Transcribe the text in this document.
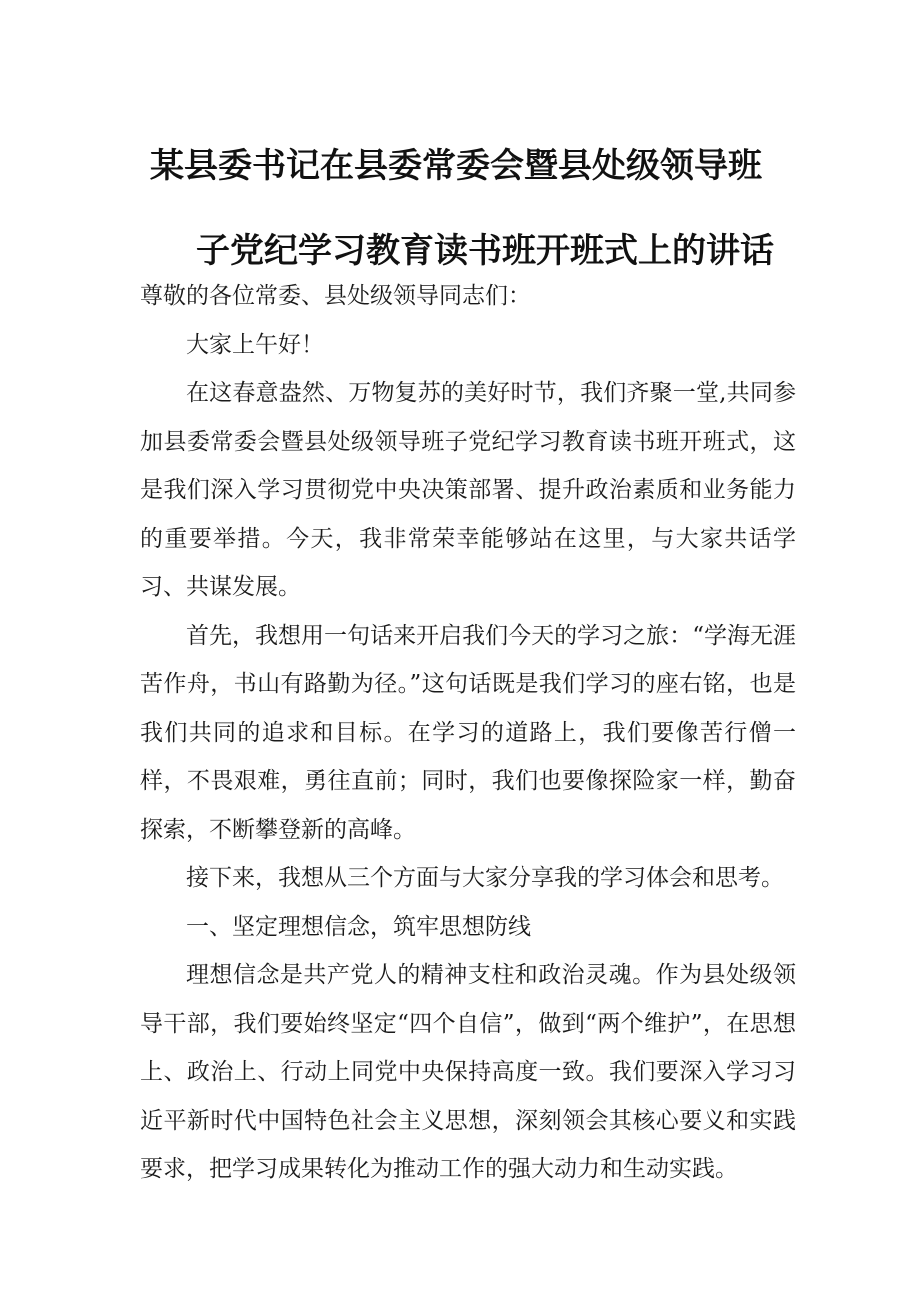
某县委书记在县委常委会暨县处级领导班
子党纪学习教育读书班开班式上的讲话

尊敬的各位常委、县处级领导同志们：

大家上午好！

在这春意盎然、万物复苏的美好时节，我们齐聚一堂,共同参加县委常委会暨县处级领导班子党纪学习教育读书班开班式，这是我们深入学习贯彻党中央决策部署、提升政治素质和业务能力的重要举措。今天，我非常荣幸能够站在这里，与大家共话学习、共谋发展。

首先，我想用一句话来开启我们今天的学习之旅：“学海无涯苦作舟，书山有路勤为径。”这句话既是我们学习的座右铭，也是我们共同的追求和目标。在学习的道路上，我们要像苦行僧一样，不畏艰难，勇往直前；同时，我们也要像探险家一样，勤奋探索，不断攀登新的高峰。

接下来，我想从三个方面与大家分享我的学习体会和思考。

一、坚定理想信念，筑牢思想防线

理想信念是共产党人的精神支柱和政治灵魂。作为县处级领导干部，我们要始终坚定“四个自信”，做到“两个维护”，在思想上、政治上、行动上同党中央保持高度一致。我们要深入学习习近平新时代中国特色社会主义思想，深刻领会其核心要义和实践要求，把学习成果转化为推动工作的强大动力和生动实践。
